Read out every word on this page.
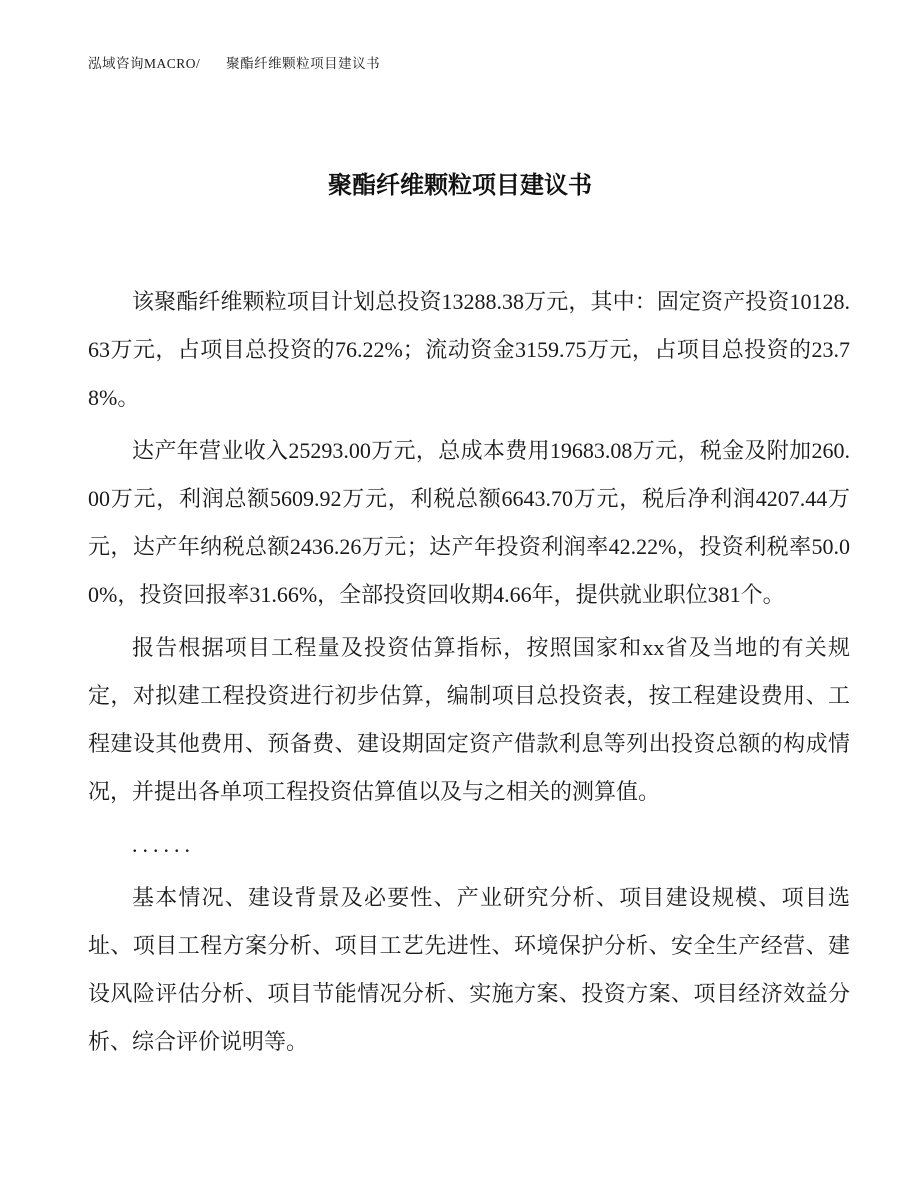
泓域咨询MACRO/ 聚酯纤维颗粒项目建议书
聚酯纤维颗粒项目建议书

该聚酯纤维颗粒项目计划总投资13288.38万元，其中：固定资产投资10128.63万元，占项目总投资的76.22%；流动资金3159.75万元，占项目总投资的23.78%。

达产年营业收入25293.00万元，总成本费用19683.08万元，税金及附加260.00万元，利润总额5609.92万元，利税总额6643.70万元，税后净利润4207.44万元，达产年纳税总额2436.26万元；达产年投资利润率42.22%，投资利税率50.00%，投资回报率31.66%，全部投资回收期4.66年，提供就业职位381个。

报告根据项目工程量及投资估算指标，按照国家和xx省及当地的有关规定，对拟建工程投资进行初步估算，编制项目总投资表，按工程建设费用、工程建设其他费用、预备费、建设期固定资产借款利息等列出投资总额的构成情况，并提出各单项工程投资估算值以及与之相关的测算值。

......

基本情况、建设背景及必要性、产业研究分析、项目建设规模、项目选址、项目工程方案分析、项目工艺先进性、环境保护分析、安全生产经营、建设风险评估分析、项目节能情况分析、实施方案、投资方案、项目经济效益分析、综合评价说明等。
